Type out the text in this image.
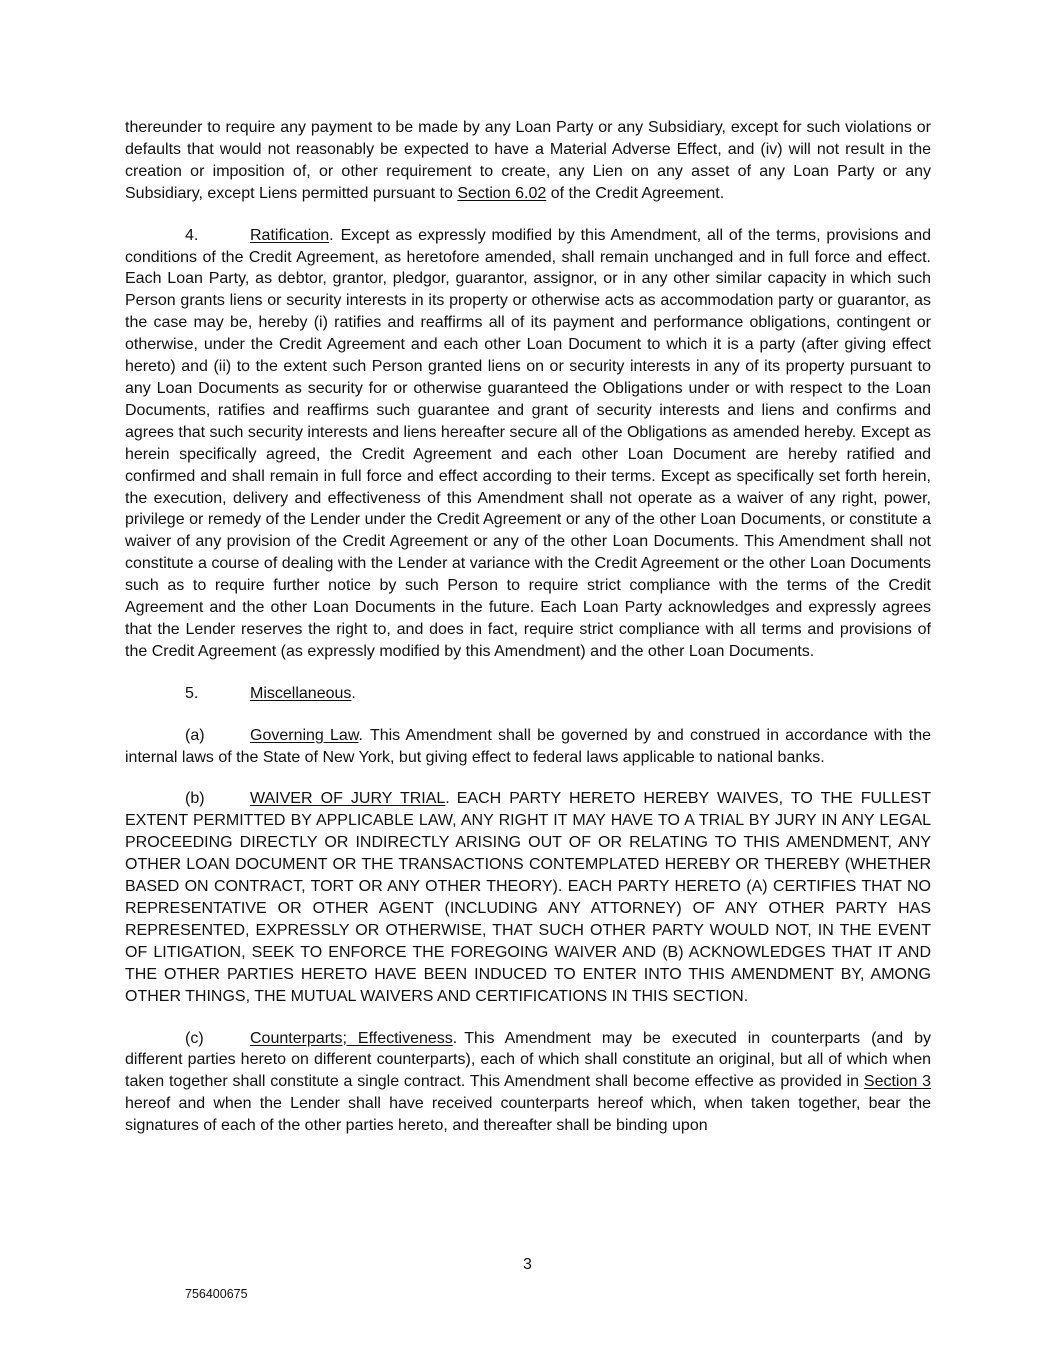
thereunder to require any payment to be made by any Loan Party or any Subsidiary, except for such violations or defaults that would not reasonably be expected to have a Material Adverse Effect, and (iv) will not result in the creation or imposition of, or other requirement to create, any Lien on any asset of any Loan Party or any Subsidiary, except Liens permitted pursuant to Section 6.02 of the Credit Agreement.

4.	Ratification. Except as expressly modified by this Amendment, all of the terms, provisions and conditions of the Credit Agreement, as heretofore amended, shall remain unchanged and in full force and effect. Each Loan Party, as debtor, grantor, pledgor, guarantor, assignor, or in any other similar capacity in which such Person grants liens or security interests in its property or otherwise acts as accommodation party or guarantor, as the case may be, hereby (i) ratifies and reaffirms all of its payment and performance obligations, contingent or otherwise, under the Credit Agreement and each other Loan Document to which it is a party (after giving effect hereto) and (ii) to the extent such Person granted liens on or security interests in any of its property pursuant to any Loan Documents as security for or otherwise guaranteed the Obligations under or with respect to the Loan Documents, ratifies and reaffirms such guarantee and grant of security interests and liens and confirms and agrees that such security interests and liens hereafter secure all of the Obligations as amended hereby. Except as herein specifically agreed, the Credit Agreement and each other Loan Document are hereby ratified and confirmed and shall remain in full force and effect according to their terms. Except as specifically set forth herein, the execution, delivery and effectiveness of this Amendment shall not operate as a waiver of any right, power, privilege or remedy of the Lender under the Credit Agreement or any of the other Loan Documents, or constitute a waiver of any provision of the Credit Agreement or any of the other Loan Documents. This Amendment shall not constitute a course of dealing with the Lender at variance with the Credit Agreement or the other Loan Documents such as to require further notice by such Person to require strict compliance with the terms of the Credit Agreement and the other Loan Documents in the future. Each Loan Party acknowledges and expressly agrees that the Lender reserves the right to, and does in fact, require strict compliance with all terms and provisions of the Credit Agreement (as expressly modified by this Amendment) and the other Loan Documents.

5.	Miscellaneous.

(a)	Governing Law. This Amendment shall be governed by and construed in accordance with the internal laws of the State of New York, but giving effect to federal laws applicable to national banks.

(b)	WAIVER OF JURY TRIAL. EACH PARTY HERETO HEREBY WAIVES, TO THE FULLEST EXTENT PERMITTED BY APPLICABLE LAW, ANY RIGHT IT MAY HAVE TO A TRIAL BY JURY IN ANY LEGAL PROCEEDING DIRECTLY OR INDIRECTLY ARISING OUT OF OR RELATING TO THIS AMENDMENT, ANY OTHER LOAN DOCUMENT OR THE TRANSACTIONS CONTEMPLATED HEREBY OR THEREBY (WHETHER BASED ON CONTRACT, TORT OR ANY OTHER THEORY). EACH PARTY HERETO (A) CERTIFIES THAT NO REPRESENTATIVE OR OTHER AGENT (INCLUDING ANY ATTORNEY) OF ANY OTHER PARTY HAS REPRESENTED, EXPRESSLY OR OTHERWISE, THAT SUCH OTHER PARTY WOULD NOT, IN THE EVENT OF LITIGATION, SEEK TO ENFORCE THE FOREGOING WAIVER AND (B) ACKNOWLEDGES THAT IT AND THE OTHER PARTIES HERETO HAVE BEEN INDUCED TO ENTER INTO THIS AMENDMENT BY, AMONG OTHER THINGS, THE MUTUAL WAIVERS AND CERTIFICATIONS IN THIS SECTION.

(c)	Counterparts; Effectiveness. This Amendment may be executed in counterparts (and by different parties hereto on different counterparts), each of which shall constitute an original, but all of which when taken together shall constitute a single contract. This Amendment shall become effective as provided in Section 3 hereof and when the Lender shall have received counterparts hereof which, when taken together, bear the signatures of each of the other parties hereto, and thereafter shall be binding upon

3
756400675
